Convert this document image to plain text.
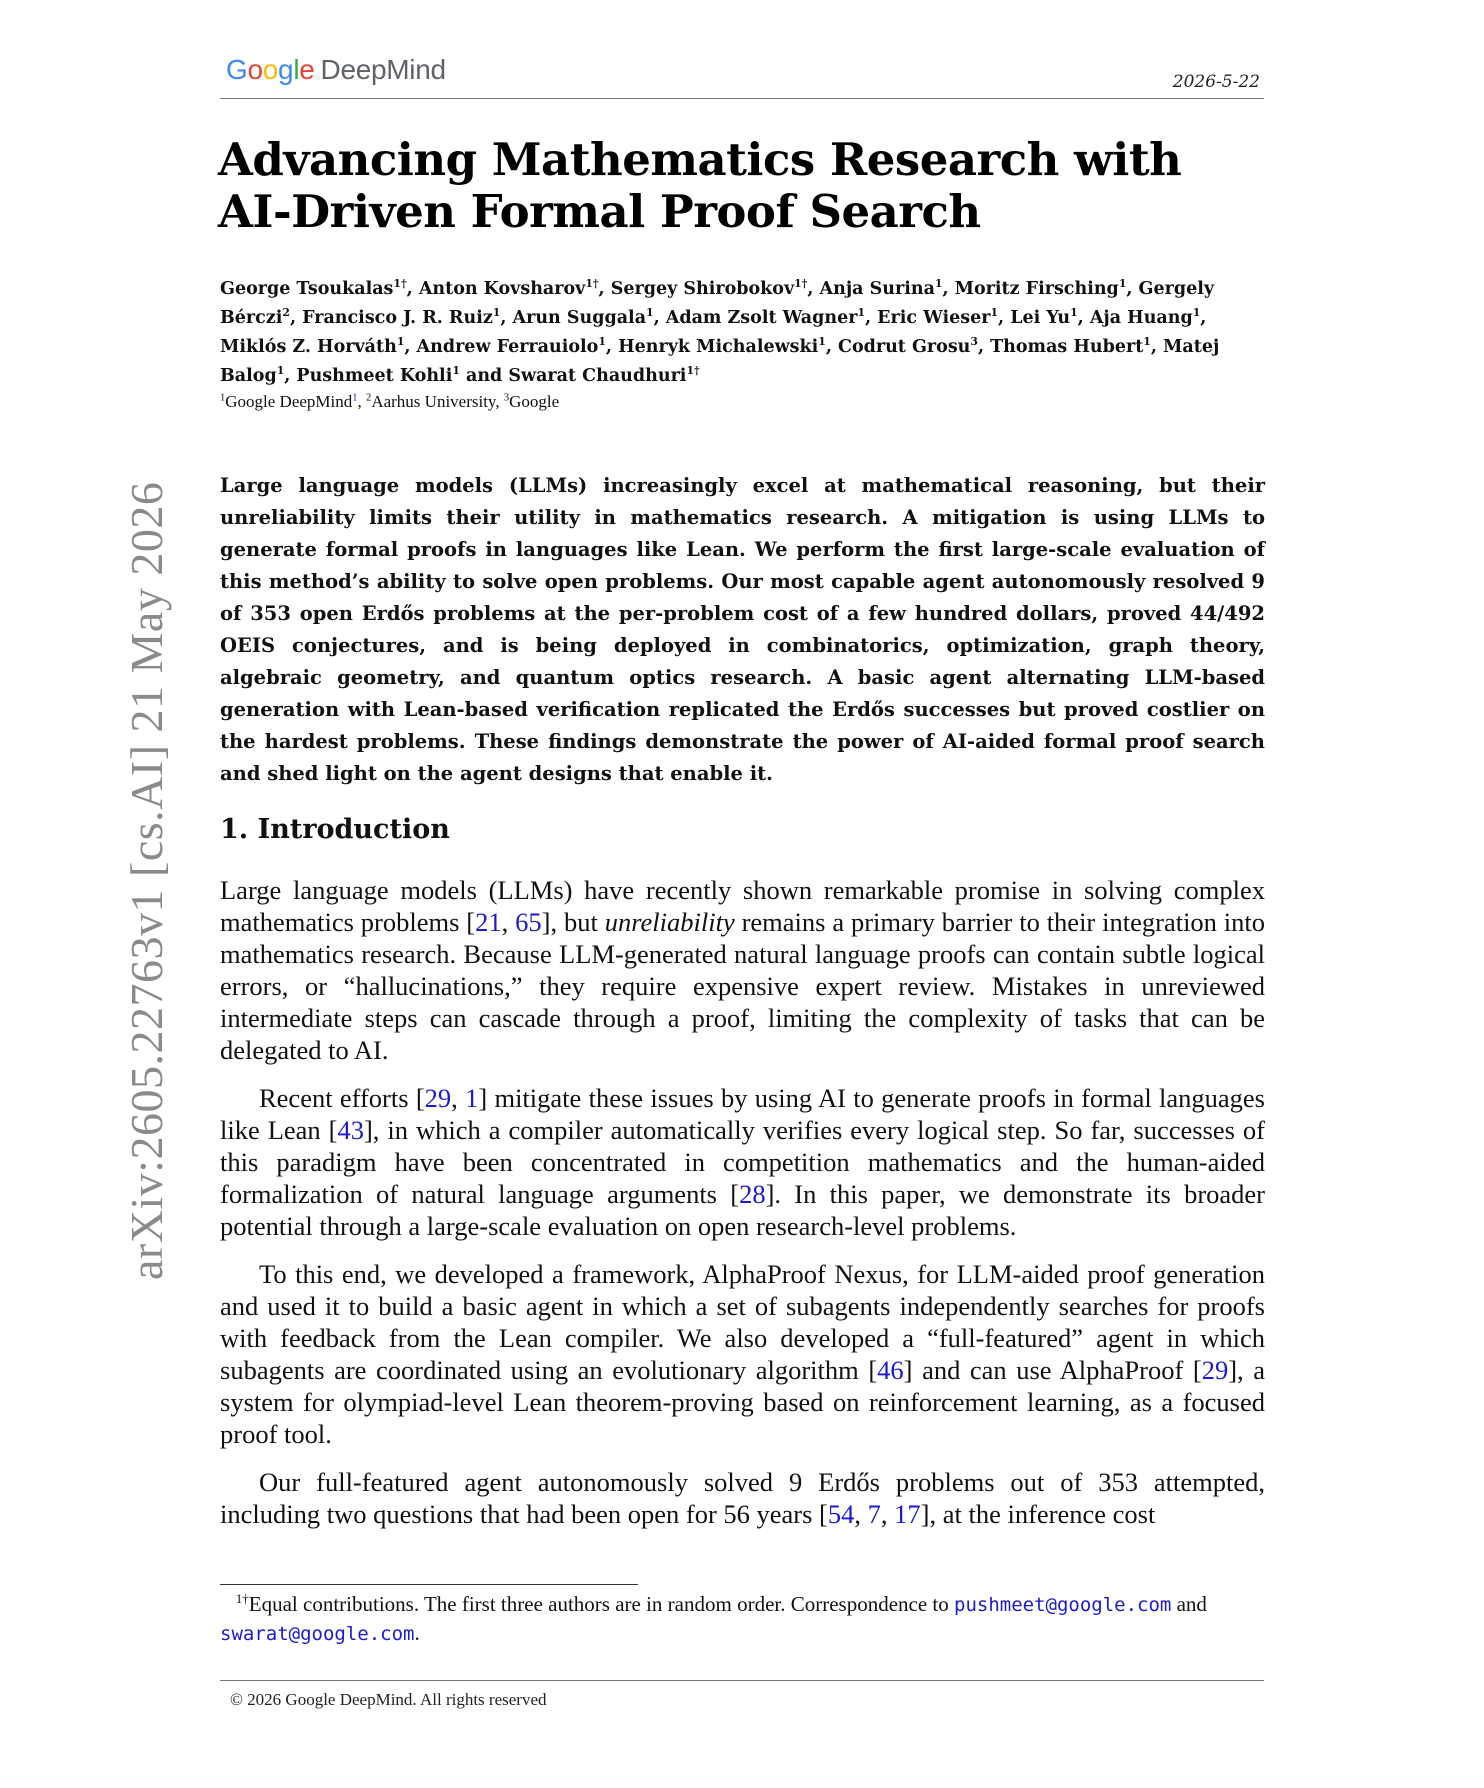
Google DeepMind	2026-5-22
arXiv:2605.22763v1 [cs.AI] 21 May 2026
Advancing Mathematics Research with
AI-Driven Formal Proof Search
George Tsoukalas$^{1\dagger}$, Anton Kovsharov$^{1\dagger}$, Sergey Shirobokov$^{1\dagger}$, Anja Surina$^1$, Moritz Firsching$^1$, Gergely Bérczi$^2$, Francisco J. R. Ruiz$^1$, Arun Suggala$^1$, Adam Zsolt Wagner$^1$, Eric Wieser$^1$, Lei Yu$^1$, Aja Huang$^1$, Miklós Z. Horváth$^1$, Andrew Ferrauiolo$^1$, Henryk Michalewski$^1$, Codrut Grosu$^3$, Thomas Hubert$^1$, Matej Balog$^1$, Pushmeet Kohli$^1$ and Swarat Chaudhuri$^{1\dagger}$
$^1$Google DeepMind$^1$, $^2$Aarhus University, $^3$Google
Large language models (LLMs) increasingly excel at mathematical reasoning, but their unreliability limits their utility in mathematics research. A mitigation is using LLMs to generate formal proofs in languages like Lean. We perform the first large-scale evaluation of this method’s ability to solve open problems. Our most capable agent autonomously resolved 9 of 353 open Erdős problems at the per-problem cost of a few hundred dollars, proved 44/492 OEIS conjectures, and is being deployed in combinatorics, optimization, graph theory, algebraic geometry, and quantum optics research. A basic agent alternating LLM-based generation with Lean-based verification replicated the Erdős successes but proved costlier on the hardest problems. These findings demonstrate the power of AI-aided formal proof search and shed light on the agent designs that enable it.
1. Introduction

Large language models (LLMs) have recently shown remarkable promise in solving complex mathematics problems [21, 65], but unreliability remains a primary barrier to their integration into mathematics research. Because LLM-generated natural language proofs can contain subtle logical errors, or “hallucinations,” they require expensive expert review. Mistakes in unreviewed intermediate steps can cascade through a proof, limiting the complexity of tasks that can be delegated to AI.

Recent efforts [29, 1] mitigate these issues by using AI to generate proofs in formal languages like Lean [43], in which a compiler automatically verifies every logical step. So far, successes of this paradigm have been concentrated in competition mathematics and the human-aided formalization of natural language arguments [28]. In this paper, we demonstrate its broader potential through a large-scale evaluation on open research-level problems.

To this end, we developed a framework, AlphaProof Nexus, for LLM-aided proof generation and used it to build a basic agent in which a set of subagents independently searches for proofs with feedback from the Lean compiler. We also developed a “full-featured” agent in which subagents are coordinated using an evolutionary algorithm [46] and can use AlphaProof [29], a system for olympiad-level Lean theorem-proving based on reinforcement learning, as a focused proof tool.

Our full-featured agent autonomously solved 9 Erdős problems out of 353 attempted, including two questions that had been open for 56 years [54, 7, 17], at the inference cost

$^{1\dagger}$Equal contributions. The first three authors are in random order. Correspondence to pushmeet@google.com and swarat@google.com.
© 2026 Google DeepMind. All rights reserved
